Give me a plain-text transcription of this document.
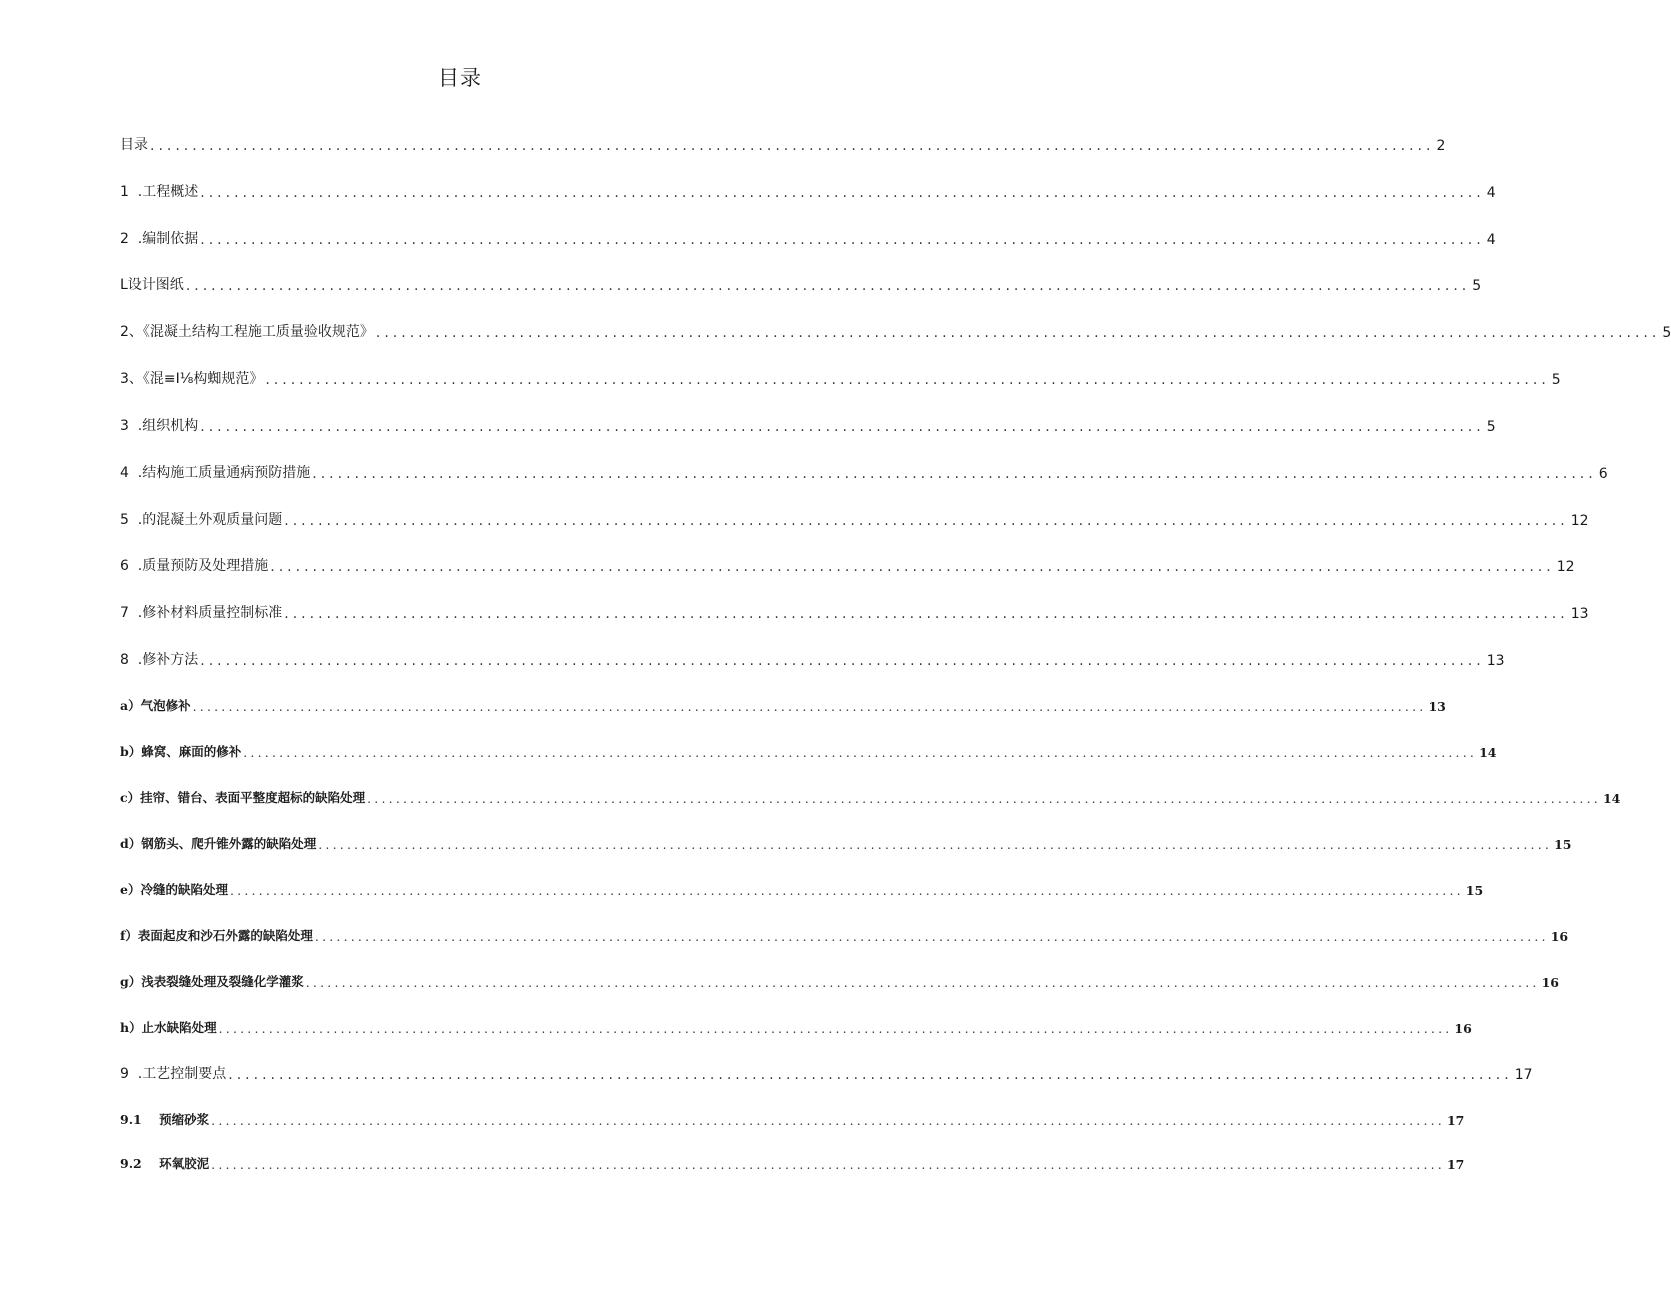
目录
目录 ........................................................................................................................................................ 2
1  .工程概述 ........................................................................................................................................................ 4
2  .编制依据 ........................................................................................................................................................ 4
L设计图纸 ........................................................................................................................................................ 5
2、《混凝土结构工程施工质量验收规范》 ........................................................................................................................................................ 5
3、《混≡I⅛构蜘规范》 ........................................................................................................................................................ 5
3  .组织机构 ........................................................................................................................................................ 5
4  .结构施工质量通病预防措施 ........................................................................................................................................................ 6
5  .的混凝土外观质量问题 ........................................................................................................................................................ 12
6  .质量预防及处理措施 ........................................................................................................................................................ 12
7  .修补材料质量控制标准 ........................................................................................................................................................ 13
8  .修补方法 ........................................................................................................................................................ 13
a）气泡修补 ............................................................................................................................................................................ 13
b）蜂窝、麻面的修补 ............................................................................................................................................................................ 14
c）挂帘、错台、表面平整度超标的缺陷处理 ............................................................................................................................................................................ 14
d）钢筋头、爬升锥外露的缺陷处理 ............................................................................................................................................................................ 15
e）冷缝的缺陷处理 ............................................................................................................................................................................ 15
f）表面起皮和沙石外露的缺陷处理 ............................................................................................................................................................................ 16
g）浅表裂缝处理及裂缝化学灌浆 ............................................................................................................................................................................ 16
h）止水缺陷处理 ............................................................................................................................................................................ 16
9  .工艺控制要点 ........................................................................................................................................................ 17
9.1    预缩砂浆 ............................................................................................................................................................................ 17
9.2    环氧胶泥 ............................................................................................................................................................................ 17
